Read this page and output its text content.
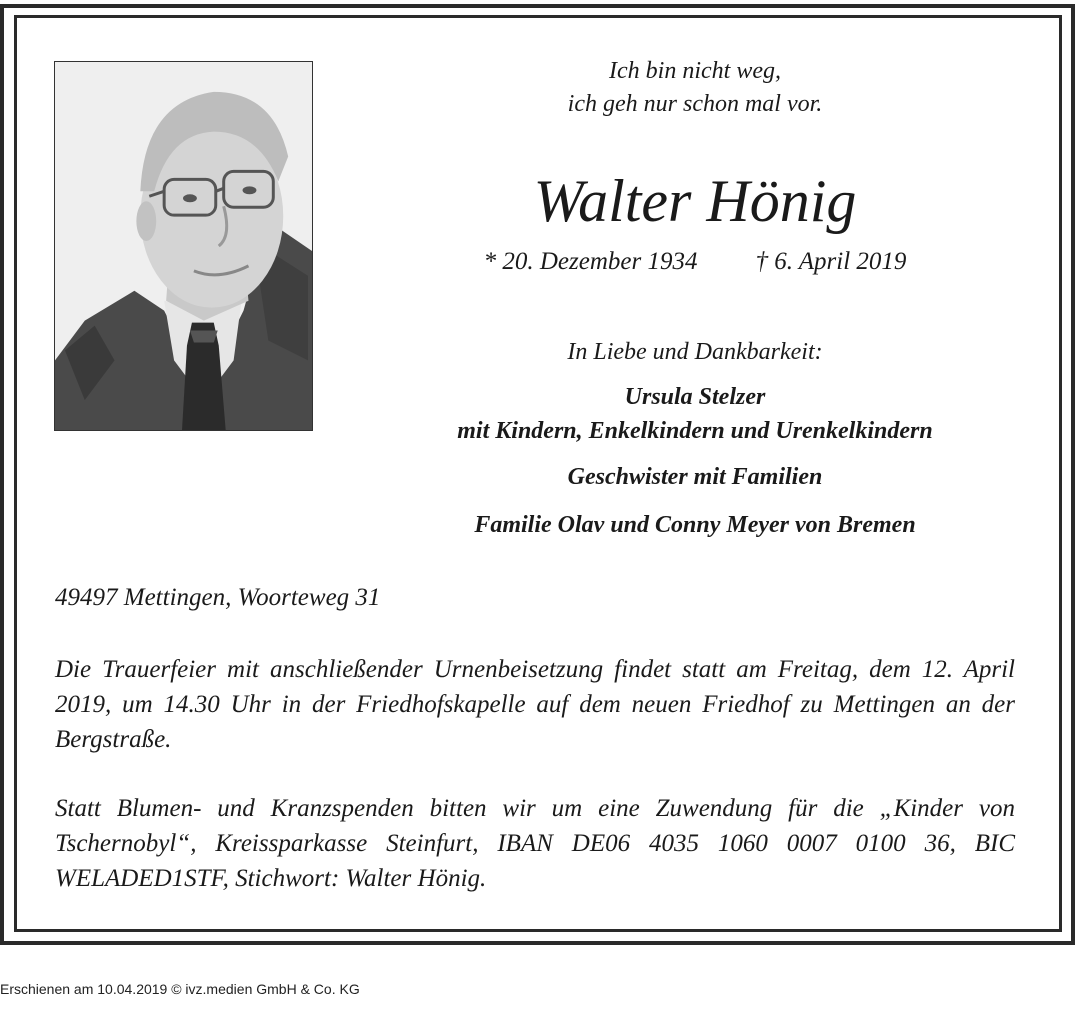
Ich bin nicht weg,
ich geh nur schon mal vor.
Walter Hönig
* 20. Dezember 1934 † 6. April 2019
In Liebe und Dankbarkeit:
Ursula Stelzer
mit Kindern, Enkelkindern und Urenkelkindern
Geschwister mit Familien
Familie Olav und Conny Meyer von Bremen
49497 Mettingen, Woorteweg 31
Die Trauerfeier mit anschließender Urnenbeisetzung findet statt am Freitag, dem 12. April 2019, um 14.30 Uhr in der Friedhofskapelle auf dem neuen Friedhof zu Mettingen an der Bergstraße.
Statt Blumen- und Kranzspenden bitten wir um eine Zuwendung für die „Kinder von Tschernobyl“, Kreissparkasse Steinfurt, IBAN DE06 4035 1060 0007 0100 36, BIC WELADED1STF, Stichwort: Walter Hönig.
Erschienen am 10.04.2019 © ivz.medien GmbH & Co. KG
